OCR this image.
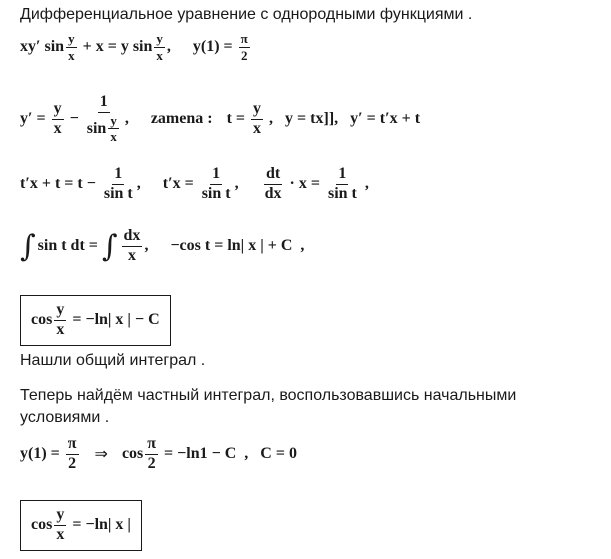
Дифференциальное уравнение с однородными функциями .
xy′ $\sin \frac{y}{x} + x = y$ $\sin \frac{y}{x}$ , $y(1) = \frac{\pi}{2}$
$y' = \frac{y}{x} - \frac{1}{\sin \frac{y}{x}}$ , zamena : $t = \frac{y}{x}$ ,   y = tx]],   y′ = t′x + t
$t'x + t = t - \frac{1}{\text{sin t}}$ , $t'x = \frac{1}{\text{sin t}}$ , $\frac{dt}{dx} \cdot x = \frac{1}{\text{sin t}}$ ,
∫ sin t dt = ∫ $\frac{dx}{x}$ , −cos t = ln| x | + C  ,
$\cos \frac{y}{x} = -\ln|$ x | − C
Нашли общий интеграл .
Теперь найдём частный интеграл, воспользовавшись начальными
условиями .
$y(1) = \frac{\pi}{2}$ ⇒ $\cos \frac{\pi}{2} = -\ln 1 - C$  ,   C = 0
$\cos \frac{y}{x} = -\ln|$ x |
